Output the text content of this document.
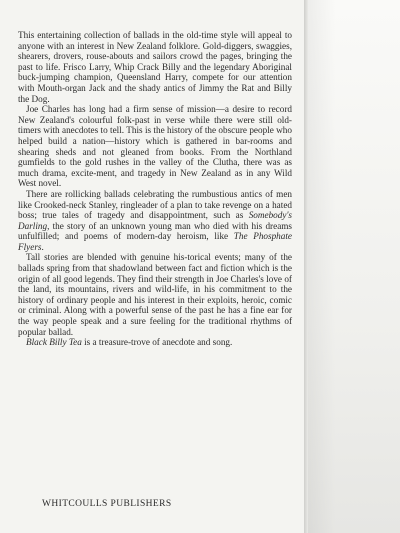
This entertaining collection of ballads in the old-time style will appeal to anyone with an interest in New Zealand folklore. Gold-diggers, swaggies, shearers, drovers, rouse-abouts and sailors crowd the pages, bringing the past to life. Frisco Larry, Whip Crack Billy and the legendary Aboriginal buck-jumping champion, Queensland Harry, compete for our attention with Mouth-organ Jack and the shady antics of Jimmy the Rat and Billy the Dog.

Joe Charles has long had a firm sense of mission—a desire to record New Zealand's colourful folk-past in verse while there were still old-timers with anecdotes to tell. This is the history of the obscure people who helped build a nation—history which is gathered in bar-rooms and shearing sheds and not gleaned from books. From the Northland gumfields to the gold rushes in the valley of the Clutha, there was as much drama, excite-ment, and tragedy in New Zealand as in any Wild West novel.

There are rollicking ballads celebrating the rumbustious antics of men like Crooked-neck Stanley, ringleader of a plan to take revenge on a hated boss; true tales of tragedy and disappointment, such as Somebody's Darling, the story of an unknown young man who died with his dreams unfulfilled; and poems of modern-day heroism, like The Phosphate Flyers.

Tall stories are blended with genuine his-torical events; many of the ballads spring from that shadowland between fact and fiction which is the origin of all good legends. They find their strength in Joe Charles's love of the land, its mountains, rivers and wild-life, in his commitment to the history of ordinary people and his interest in their exploits, heroic, comic or criminal. Along with a powerful sense of the past he has a fine ear for the way people speak and a sure feeling for the traditional rhythms of popular ballad.

Black Billy Tea is a treasure-trove of anecdote and song.

WHITCOULLS PUBLISHERS
